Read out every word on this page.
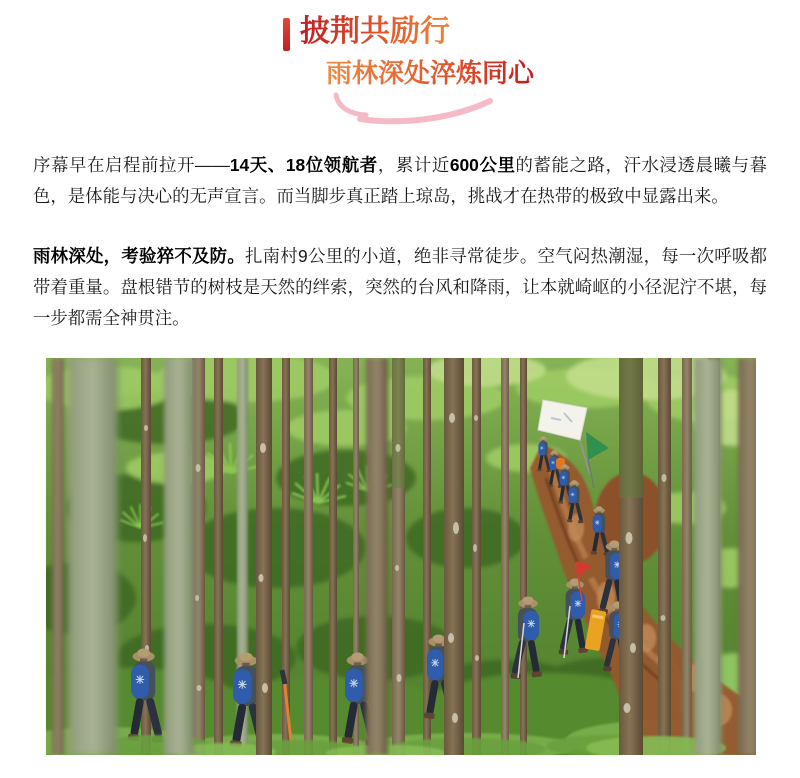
披荆共励行
雨林深处淬炼同心

序幕早在启程前拉开——14天、18位领航者，累计近600公里的蓄能之路，汗水浸透晨曦与暮色，是体能与决心的无声宣言。而当脚步真正踏上琼岛，挑战才在热带的极致中显露出来。

雨林深处，考验猝不及防。扎南村9公里的小道，绝非寻常徒步。空气闷热潮湿，每一次呼吸都带着重量。盘根错节的树枝是天然的绊索，突然的台风和降雨，让本就崎岖的小径泥泞不堪，每一步都需全神贯注。
